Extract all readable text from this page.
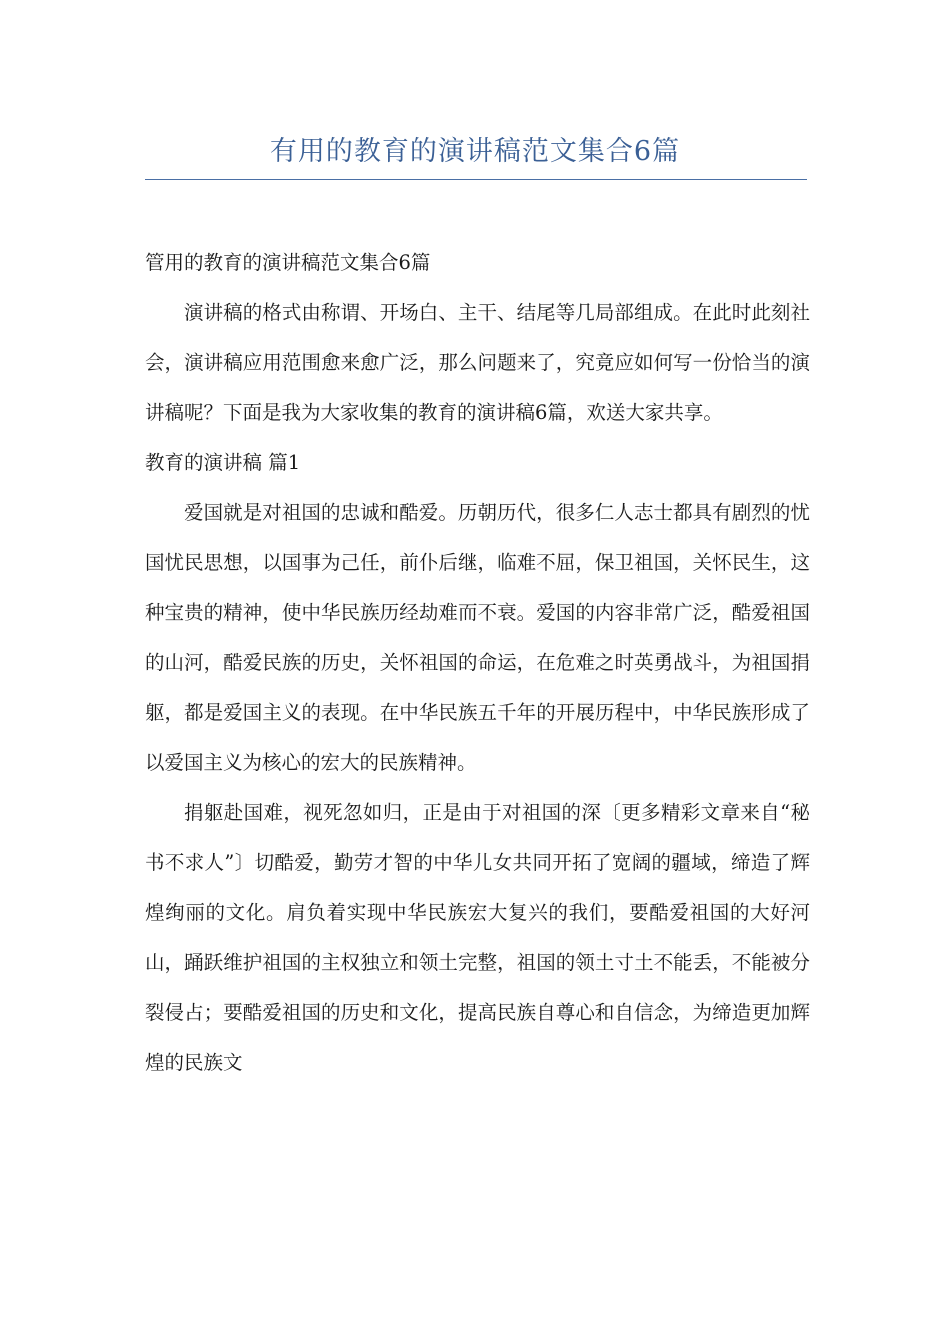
有用的教育的演讲稿范文集合6篇

管用的教育的演讲稿范文集合6篇

演讲稿的格式由称谓、开场白、主干、结尾等几局部组成。在此时此刻社会，演讲稿应用范围愈来愈广泛，那么问题来了，究竟应如何写一份恰当的演讲稿呢？下面是我为大家收集的教育的演讲稿6篇，欢送大家共享。

教育的演讲稿 篇1

爱国就是对祖国的忠诚和酷爱。历朝历代，很多仁人志士都具有剧烈的忧国忧民思想，以国事为己任，前仆后继，临难不屈，保卫祖国，关怀民生，这种宝贵的精神，使中华民族历经劫难而不衰。爱国的内容非常广泛，酷爱祖国的山河，酷爱民族的历史，关怀祖国的命运，在危难之时英勇战斗，为祖国捐躯，都是爱国主义的表现。在中华民族五千年的开展历程中，中华民族形成了以爱国主义为核心的宏大的民族精神。

捐躯赴国难，视死忽如归，正是由于对祖国的深〔更多精彩文章来自“秘书不求人”〕切酷爱，勤劳才智的中华儿女共同开拓了宽阔的疆域，缔造了辉煌绚丽的文化。肩负着实现中华民族宏大复兴的我们，要酷爱祖国的大好河山，踊跃维护祖国的主权独立和领土完整，祖国的领土寸土不能丢，不能被分裂侵占；要酷爱祖国的历史和文化，提高民族自尊心和自信念，为缔造更加辉煌的民族文
